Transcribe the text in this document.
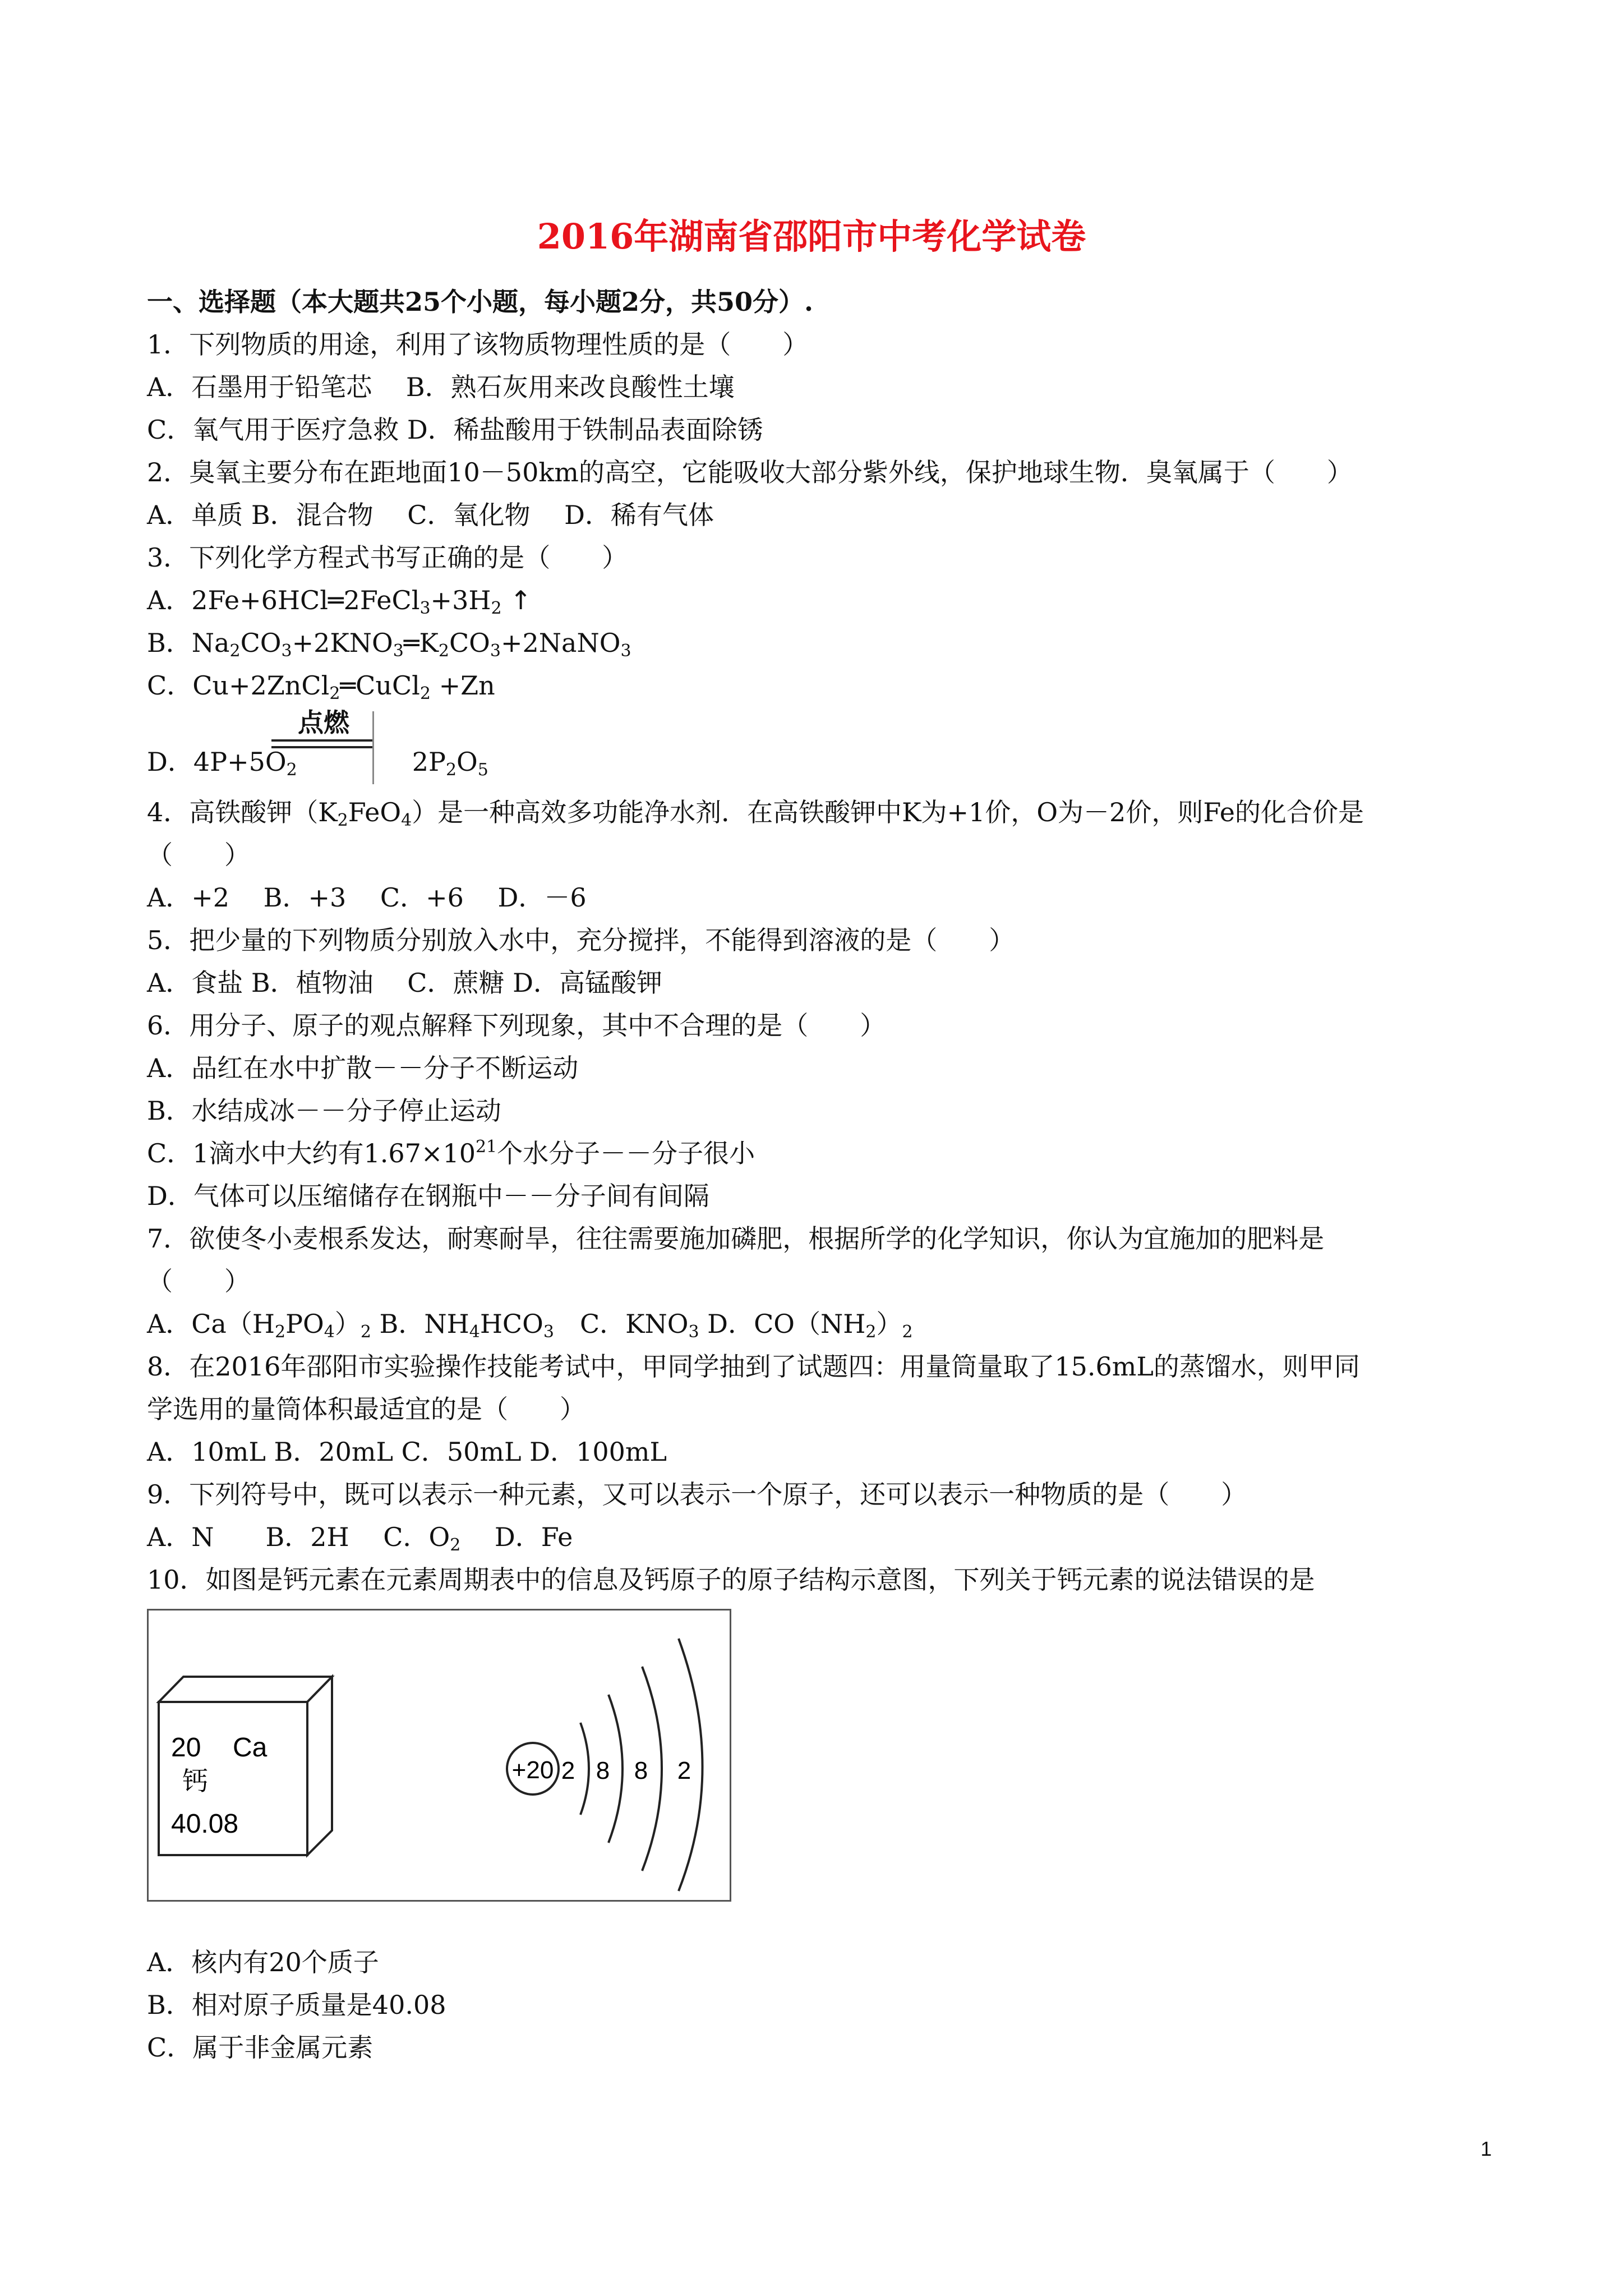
2016年湖南省邵阳市中考化学试卷

一、选择题（本大题共25个小题，每小题2分，共50分）.

1．下列物质的用途，利用了该物质物理性质的是（　　）

A．石墨用于铅笔芯　 B．熟石灰用来改良酸性土壤

C．氧气用于医疗急救 D．稀盐酸用于铁制品表面除锈

2．臭氧主要分布在距地面10－50km的高空，它能吸收大部分紫外线，保护地球生物．臭氧属于（　　）

A．单质 B．混合物　 C．氧化物　 D．稀有气体

3．下列化学方程式书写正确的是（　　）

A．$2Fe+6HCl═2FeCl_3+3H_2$ ↑

B．$Na_2CO_3+2KNO_3═K_2CO_3+2NaNO_3$

C．Cu+2ZnCl$_2$═CuCl$_2$ +Zn

点燃
D．$4P+5O_2$	$2P_2O_5$

4．高铁酸钾$(K_2FeO_4)$是一种高效多功能净水剂．在高铁酸钾中K为+1价，O为－2价，则Fe的化合价是

（　　）

A．+2　 B．+3　 C．+6　 D．－6

5．把少量的下列物质分别放入水中，充分搅拌，不能得到溶液的是（　　）

A．食盐 B．植物油　 C．蔗糖 D．高锰酸钾

6．用分子、原子的观点解释下列现象，其中不合理的是（　　）

A．品红在水中扩散－－分子不断运动

B．水结成冰－－分子停止运动

C．1滴水中大约有$1.67\times 10^{21}$个水分子－－分子很小

D．气体可以压缩储存在钢瓶中－－分子间有间隔

7．欲使冬小麦根系发达，耐寒耐旱，往往需要施加磷肥，根据所学的化学知识，你认为宜施加的肥料是

（　　）

A．$Ca(H_2PO_4)_2$ B．$NH_4HCO_3$　C．$KNO_3$ D．$CO(NH_2)_2$

8．在2016年邵阳市实验操作技能考试中，甲同学抽到了试题四：用量筒量取了15.6mL的蒸馏水，则甲同

学选用的量筒体积最适宜的是（　　）

A．10mL B．20mL C．50mL D．100mL

9．下列符号中，既可以表示一种元素，又可以表示一个原子，还可以表示一种物质的是（　　）

A．N　　B．2H　 C．$O_2$　 D．Fe

10．如图是钙元素在元素周期表中的信息及钙原子的原子结构示意图，下列关于钙元素的说法错误的是

20 Ca
钙
40.08
+20 2 8 8 2

A．核内有20个质子

B．相对原子质量是40.08

C．属于非金属元素

1
